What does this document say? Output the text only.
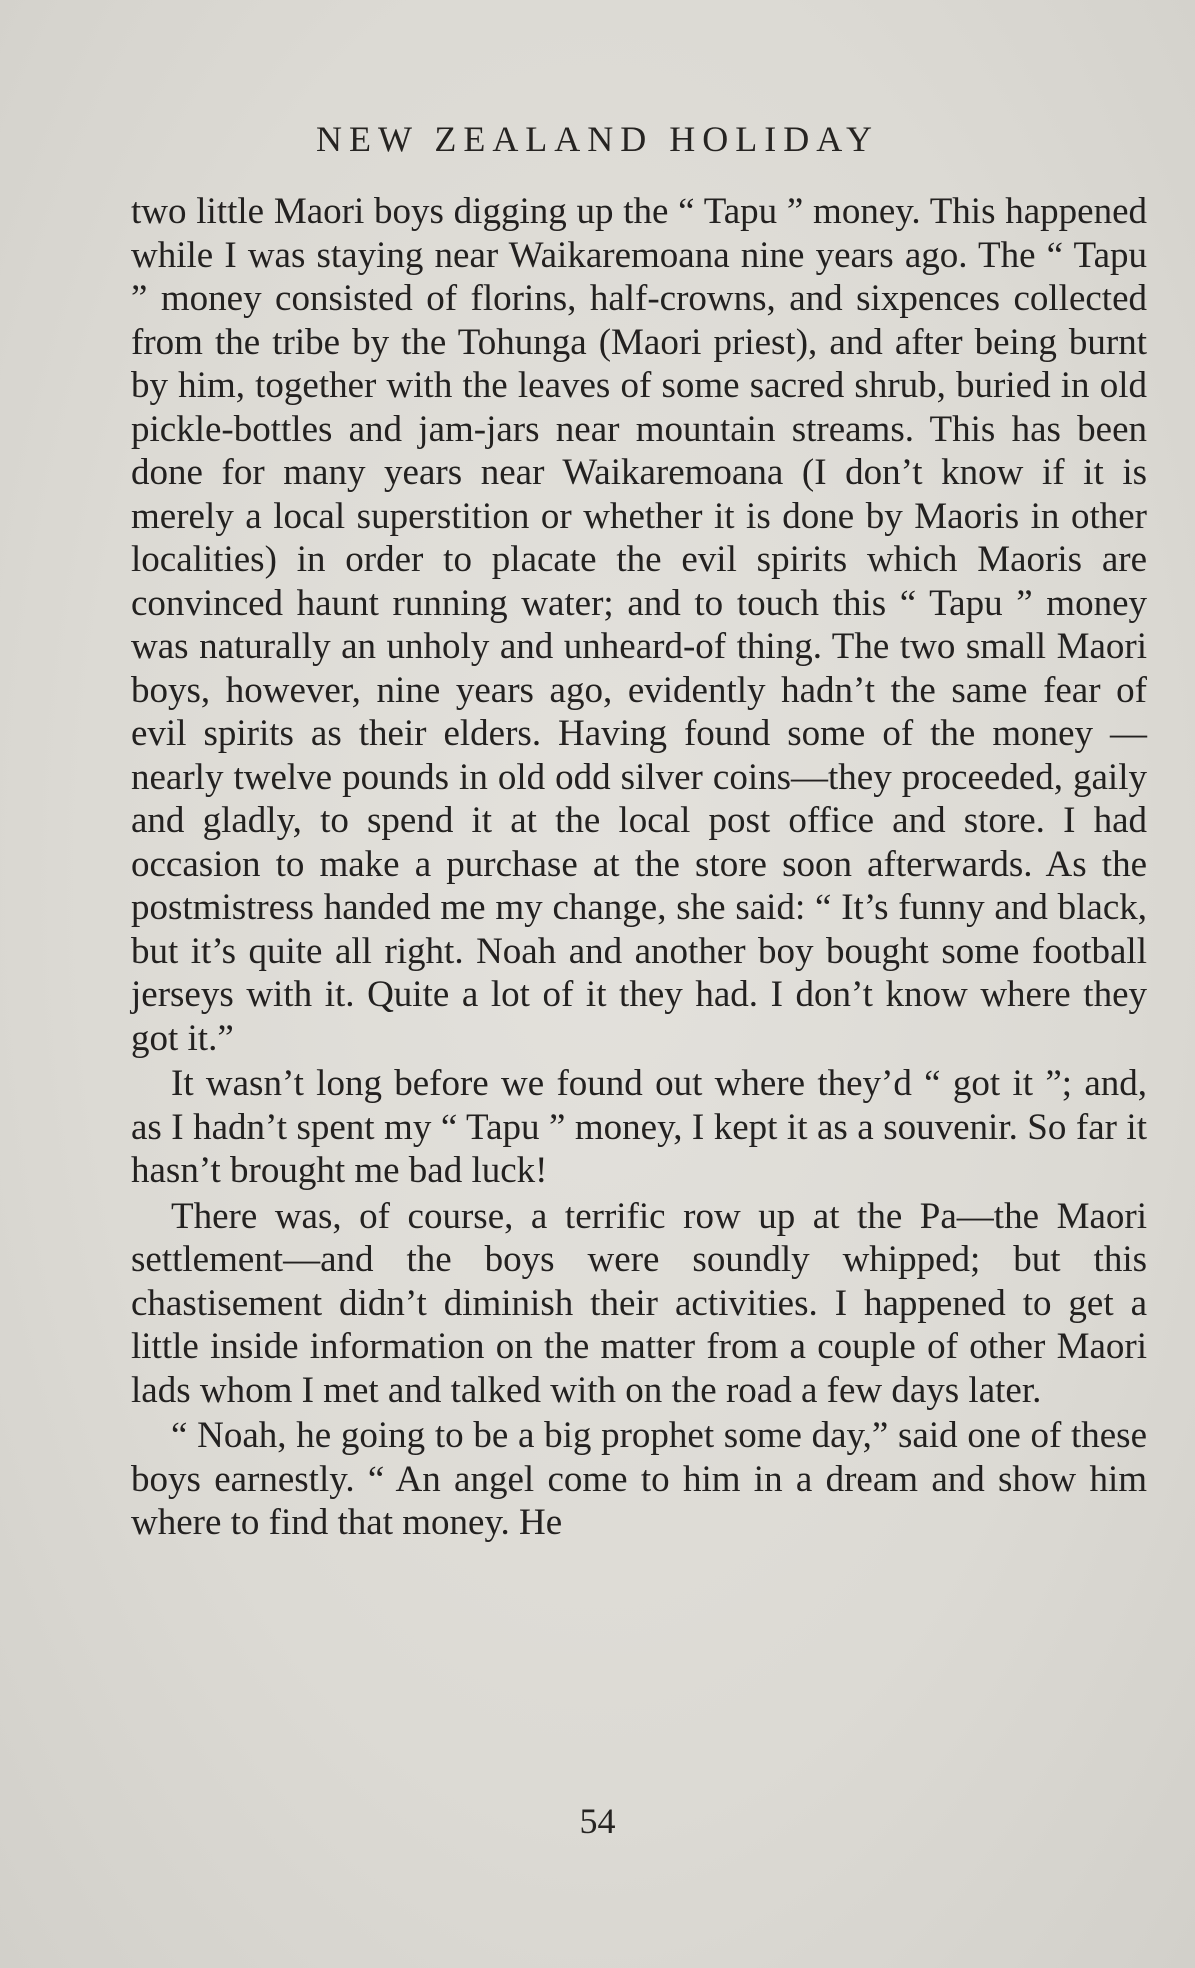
NEW ZEALAND HOLIDAY

two little Maori boys digging up the “ Tapu ” money. This happened while I was staying near Waikaremoana nine years ago. The “ Tapu ” money consisted of florins, half-crowns, and sixpences collected from the tribe by the Tohunga (Maori priest), and after being burnt by him, together with the leaves of some sacred shrub, buried in old pickle-bottles and jam-jars near mountain streams. This has been done for many years near Waikaremoana (I don’t know if it is merely a local superstition or whether it is done by Maoris in other localities) in order to placate the evil spirits which Maoris are convinced haunt running water; and to touch this “ Tapu ” money was naturally an unholy and unheard-of thing. The two small Maori boys, however, nine years ago, evidently hadn’t the same fear of evil spirits as their elders. Having found some of the money —nearly twelve pounds in old odd silver coins—they proceeded, gaily and gladly, to spend it at the local post office and store. I had occasion to make a purchase at the store soon afterwards. As the postmistress handed me my change, she said: “ It’s funny and black, but it’s quite all right. Noah and another boy bought some football jerseys with it. Quite a lot of it they had. I don’t know where they got it.”

It wasn’t long before we found out where they’d “ got it ”; and, as I hadn’t spent my “ Tapu ” money, I kept it as a souvenir. So far it hasn’t brought me bad luck!

There was, of course, a terrific row up at the Pa—the Maori settlement—and the boys were soundly whipped; but this chastisement didn’t diminish their activities. I happened to get a little inside information on the matter from a couple of other Maori lads whom I met and talked with on the road a few days later.

“ Noah, he going to be a big prophet some day,” said one of these boys earnestly. “ An angel come to him in a dream and show him where to find that money. He

54
